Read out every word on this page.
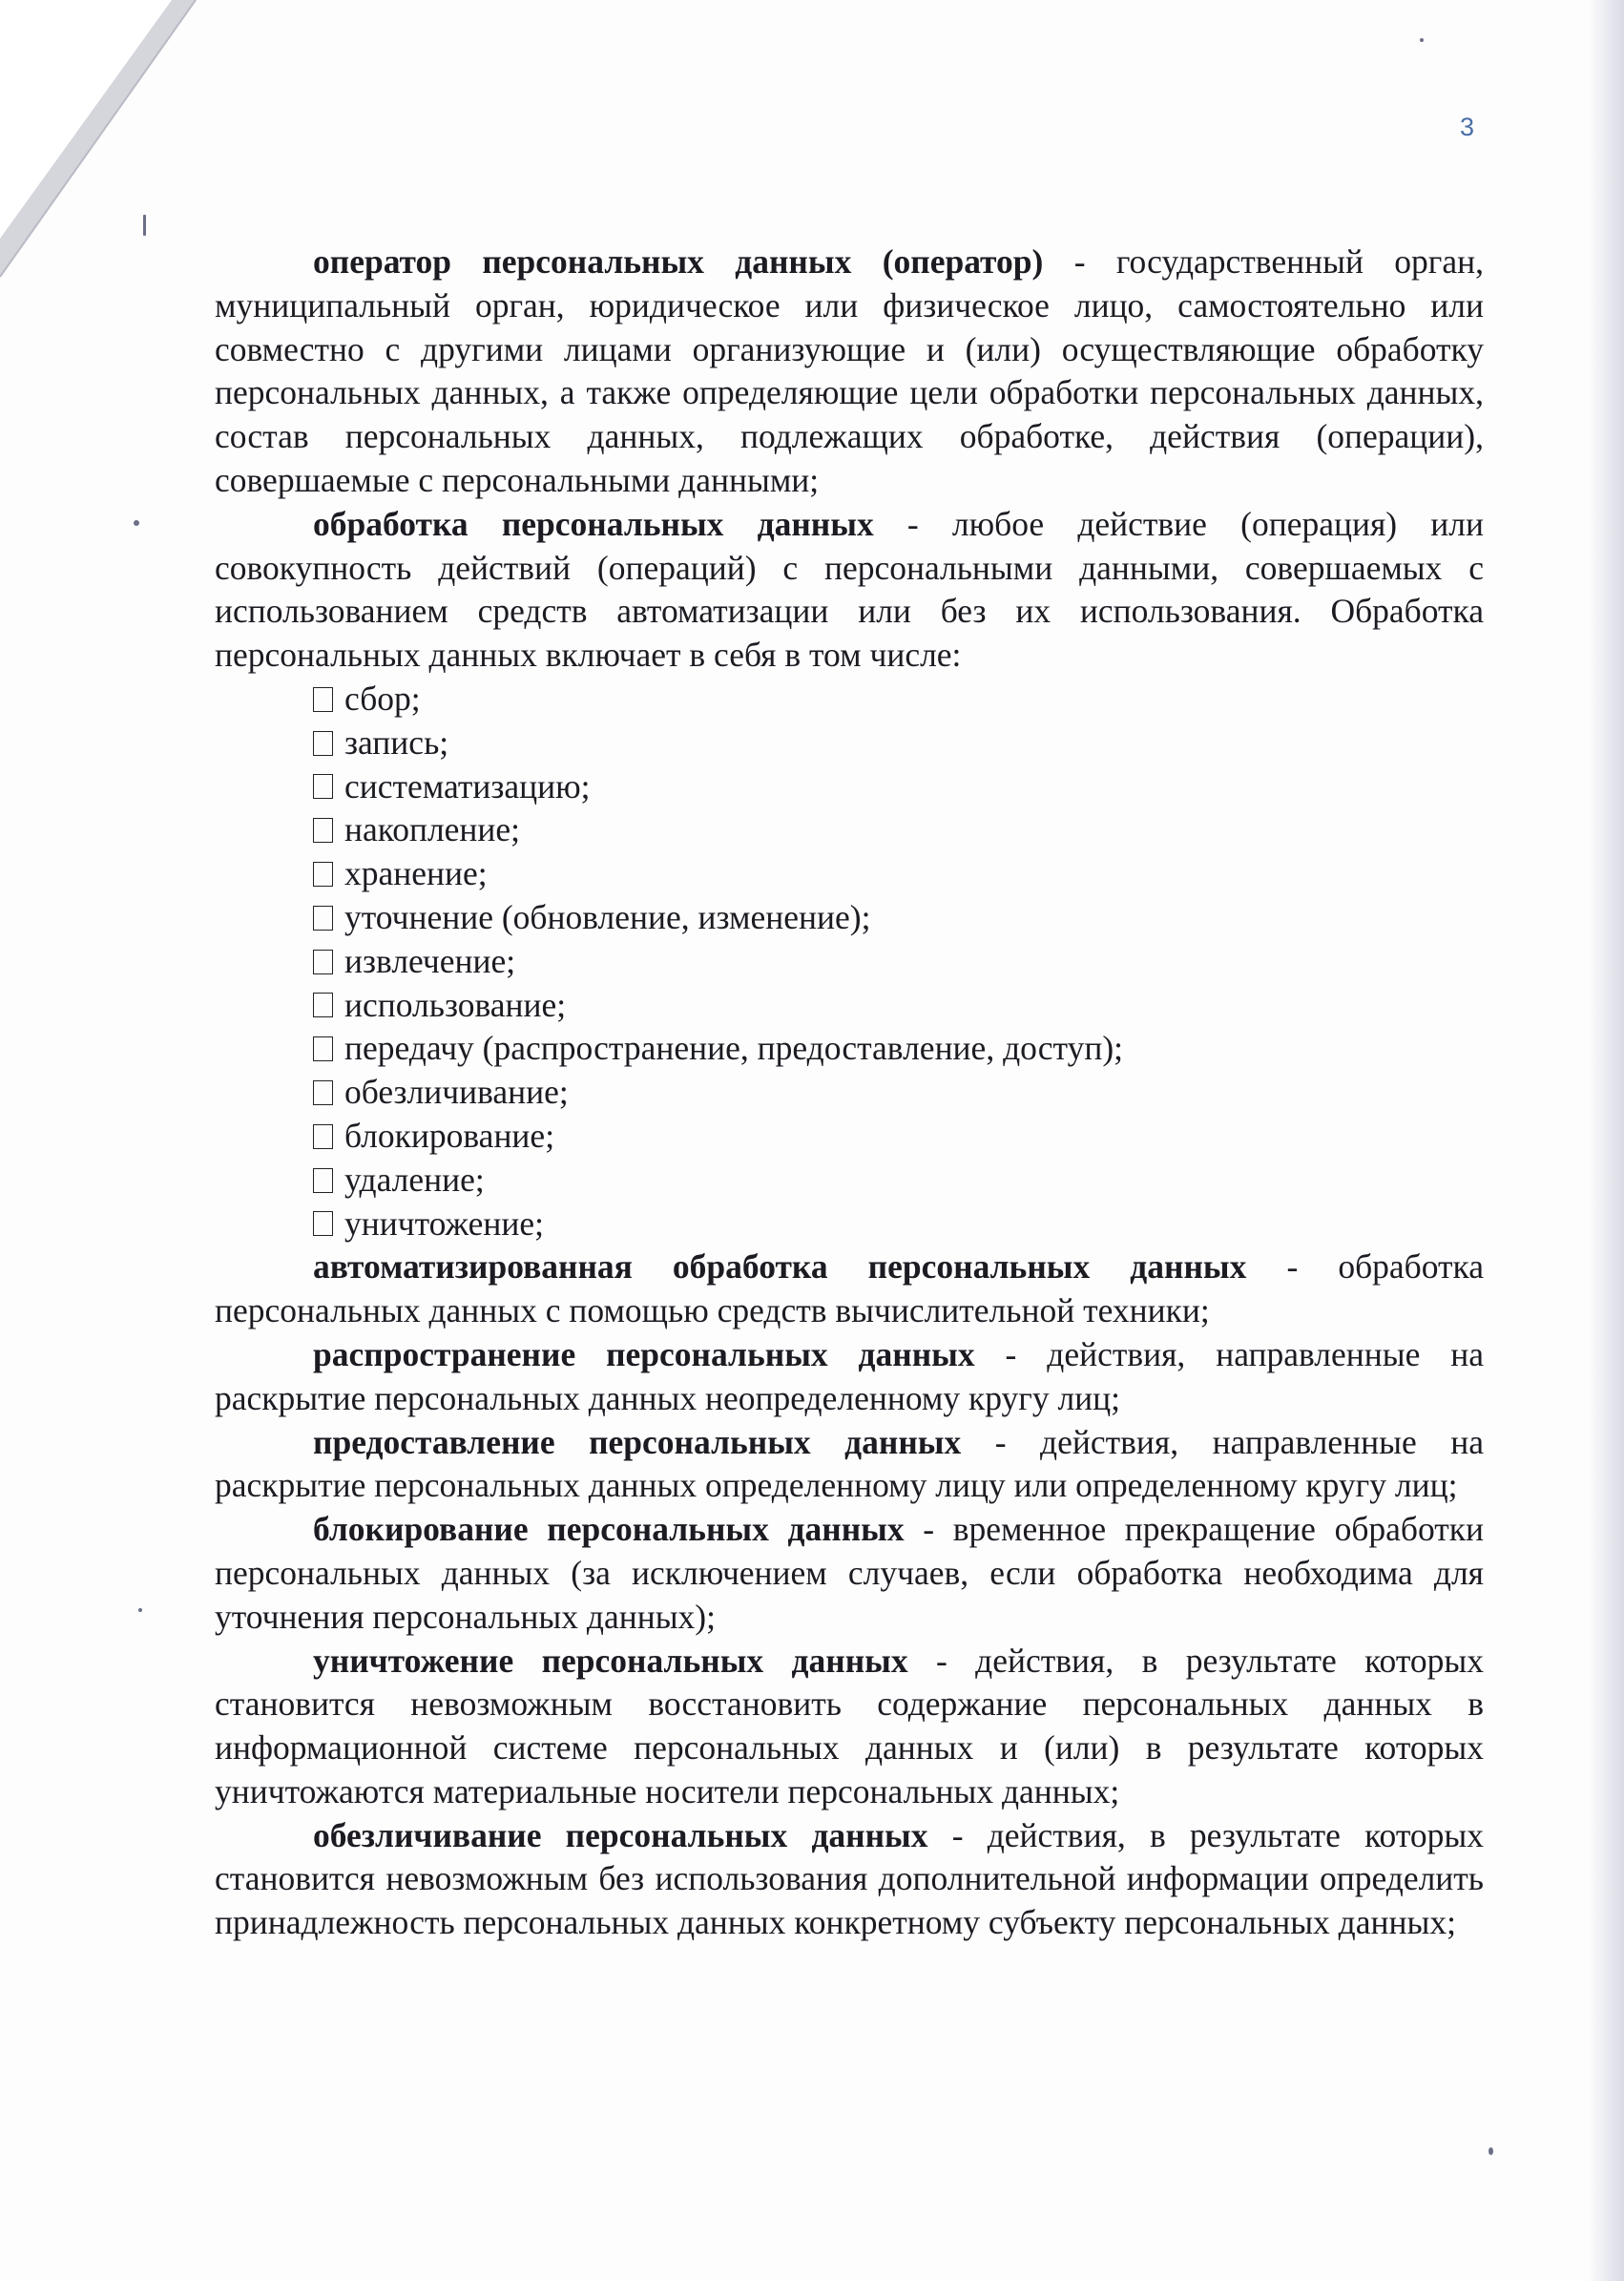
3

оператор персональных данных (оператор) - государственный орган, муниципальный орган, юридическое или физическое лицо, самостоятельно или совместно с другими лицами организующие и (или) осуществляющие обработку персональных данных, а также определяющие цели обработки персональных данных, состав персональных данных, подлежащих обработке, действия (операции), совершаемые с персональными данными;

обработка персональных данных - любое действие (операция) или совокупность действий (операций) с персональными данными, совершаемых с использованием средств автоматизации или без их использования. Обработка персональных данных включает в себя в том числе:

сбор;
запись;
систематизацию;
накопление;
хранение;
уточнение (обновление, изменение);
извлечение;
использование;
передачу (распространение, предоставление, доступ);
обезличивание;
блокирование;
удаление;
уничтожение;

автоматизированная обработка персональных данных - обработка персональных данных с помощью средств вычислительной техники;

распространение персональных данных - действия, направленные на раскрытие персональных данных неопределенному кругу лиц;

предоставление персональных данных - действия, направленные на раскрытие персональных данных определенному лицу или определенному кругу лиц;

блокирование персональных данных - временное прекращение обработки персональных данных (за исключением случаев, если обработка необходима для уточнения персональных данных);

уничтожение персональных данных - действия, в результате которых становится невозможным восстановить содержание персональных данных в информационной системе персональных данных и (или) в результате которых уничтожаются материальные носители персональных данных;

обезличивание персональных данных - действия, в результате которых становится невозможным без использования дополнительной информации определить принадлежность персональных данных конкретному субъекту персональных данных;
